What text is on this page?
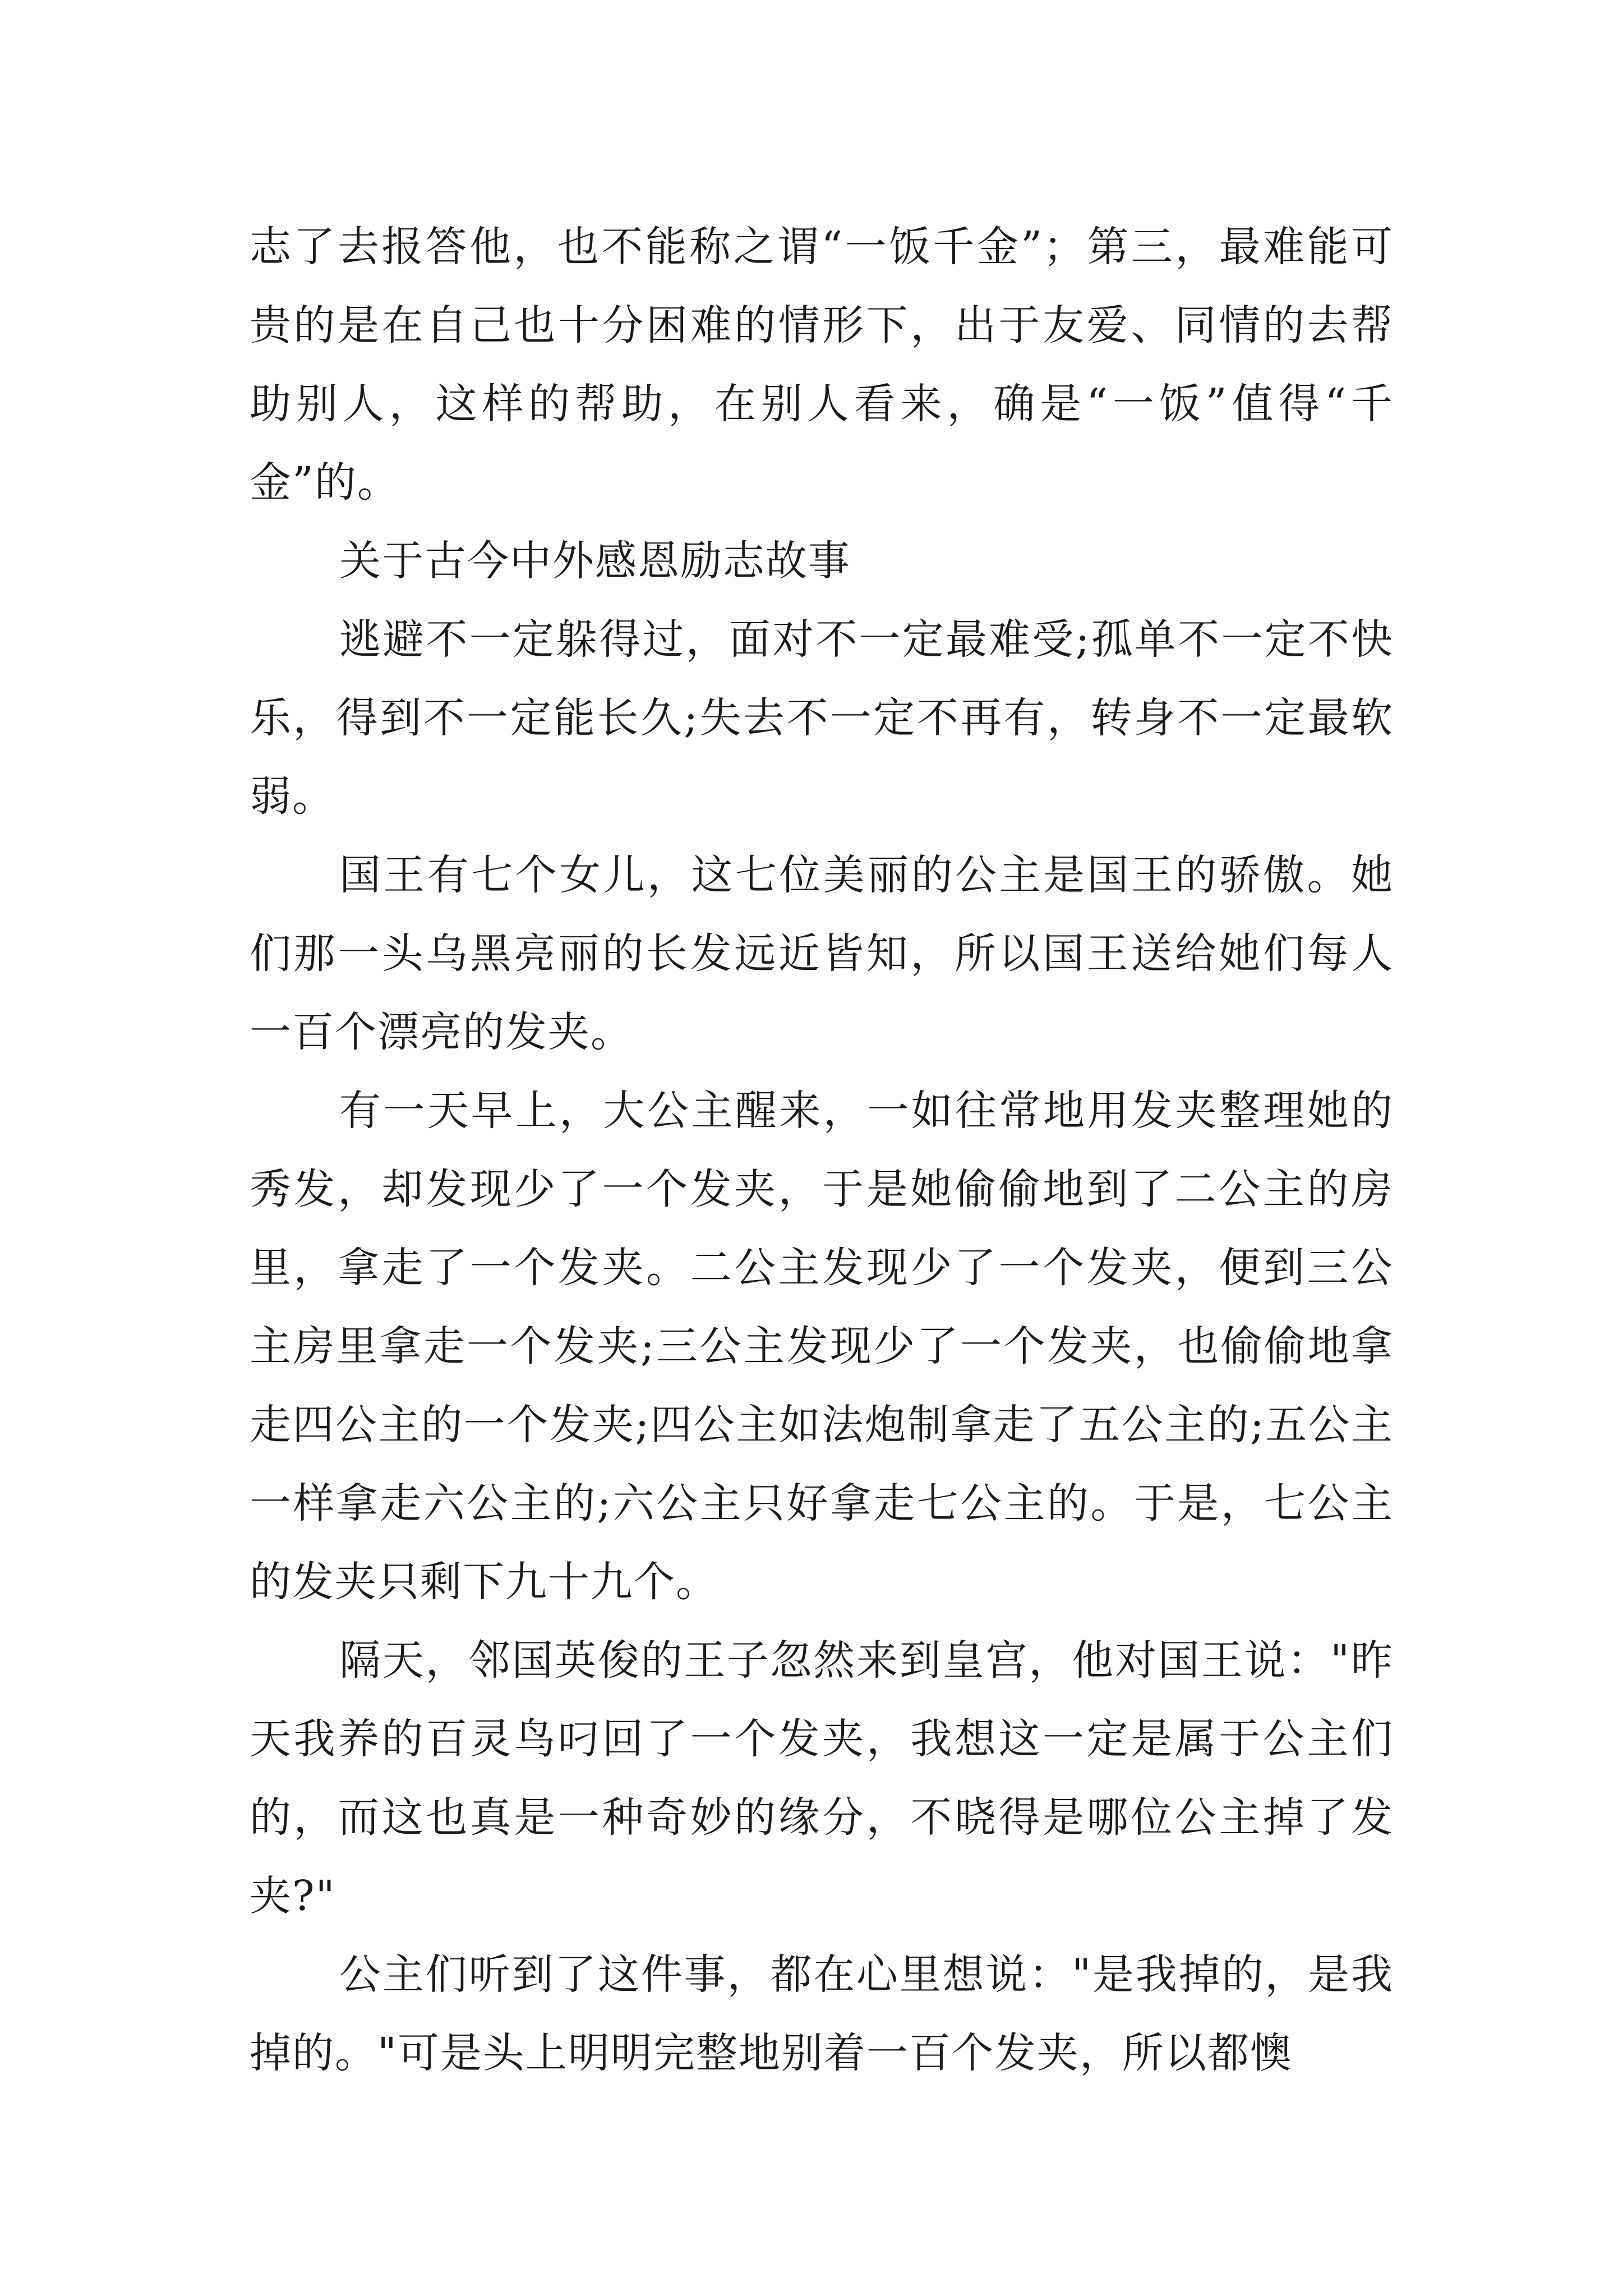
志了去报答他，也不能称之谓“一饭千金”；第三，最难能可贵的是在自己也十分困难的情形下，出于友爱、同情的去帮助别人，这样的帮助，在别人看来，确是“一饭”值得“千金”的。

关于古今中外感恩励志故事

逃避不一定躲得过，面对不一定最难受;孤单不一定不快乐，得到不一定能长久;失去不一定不再有，转身不一定最软弱。

国王有七个女儿，这七位美丽的公主是国王的骄傲。她们那一头乌黑亮丽的长发远近皆知，所以国王送给她们每人一百个漂亮的发夹。

有一天早上，大公主醒来，一如往常地用发夹整理她的秀发，却发现少了一个发夹，于是她偷偷地到了二公主的房里，拿走了一个发夹。二公主发现少了一个发夹，便到三公主房里拿走一个发夹;三公主发现少了一个发夹，也偷偷地拿走四公主的一个发夹;四公主如法炮制拿走了五公主的;五公主一样拿走六公主的;六公主只好拿走七公主的。于是，七公主的发夹只剩下九十九个。

隔天，邻国英俊的王子忽然来到皇宫，他对国王说："昨天我养的百灵鸟叼回了一个发夹，我想这一定是属于公主们的，而这也真是一种奇妙的缘分，不晓得是哪位公主掉了发夹?"

公主们听到了这件事，都在心里想说："是我掉的，是我掉的。"可是头上明明完整地别着一百个发夹，所以都懊
